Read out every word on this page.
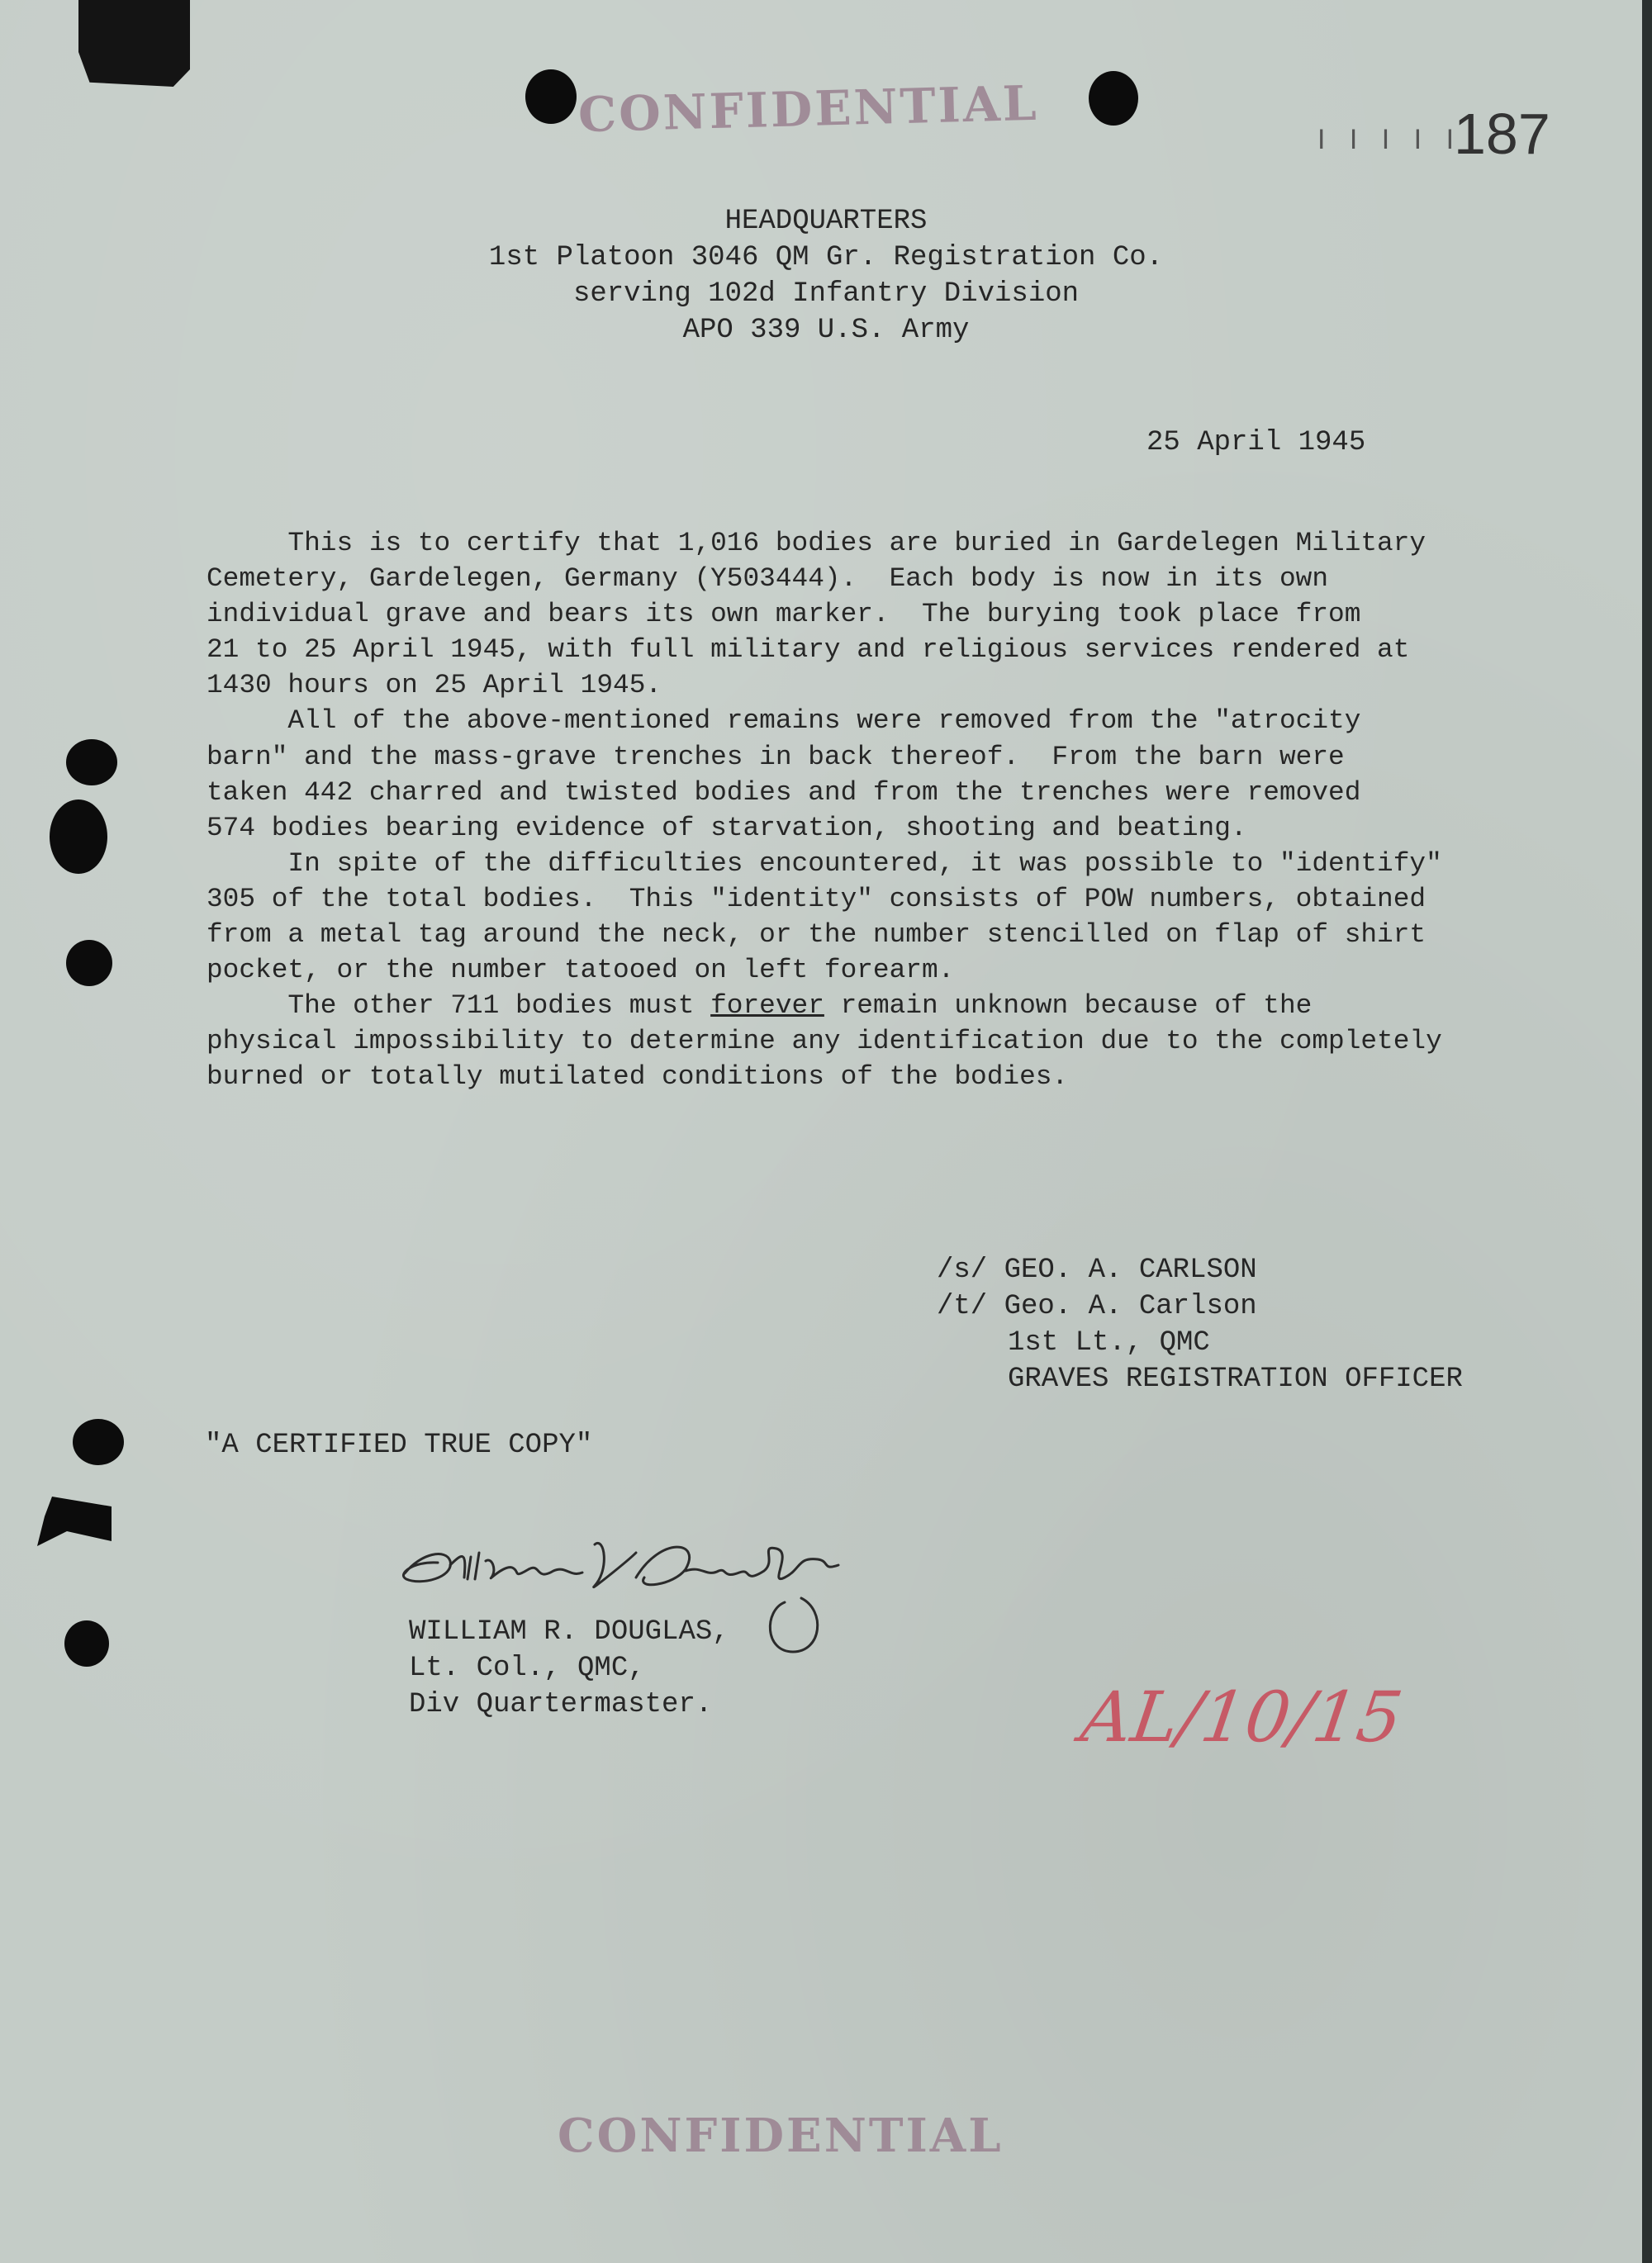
CONFIDENTIAL
CONFIDENTIAL
I I I I I
187
HEADQUARTERS
1st Platoon 3046 QM Gr. Registration Co.
serving 102d Infantry Division
APO 339 U.S. Army
25 April 1945
This is to certify that 1,016 bodies are buried in Gardelegen Military
Cemetery, Gardelegen, Germany (Y503444).  Each body is now in its own
individual grave and bears its own marker.  The burying took place from
21 to 25 April 1945, with full military and religious services rendered at
1430 hours on 25 April 1945.
All of the above-mentioned remains were removed from the "atrocity
barn" and the mass-grave trenches in back thereof.  From the barn were
taken 442 charred and twisted bodies and from the trenches were removed
574 bodies bearing evidence of starvation, shooting and beating.
In spite of the difficulties encountered, it was possible to "identify"
305 of the total bodies.  This "identity" consists of POW numbers, obtained
from a metal tag around the neck, or the number stencilled on flap of shirt
pocket, or the number tatooed on left forearm.
The other 711 bodies must forever remain unknown because of the
physical impossibility to determine any identification due to the completely
burned or totally mutilated conditions of the bodies.
/s/ GEO. A. CARLSON
/t/ Geo. A. Carlson
1st Lt., QMC
GRAVES REGISTRATION OFFICER
"A CERTIFIED TRUE COPY"
WILLIAM R. DOUGLAS,
Lt. Col., QMC,
Div Quartermaster.	AL/10/15
